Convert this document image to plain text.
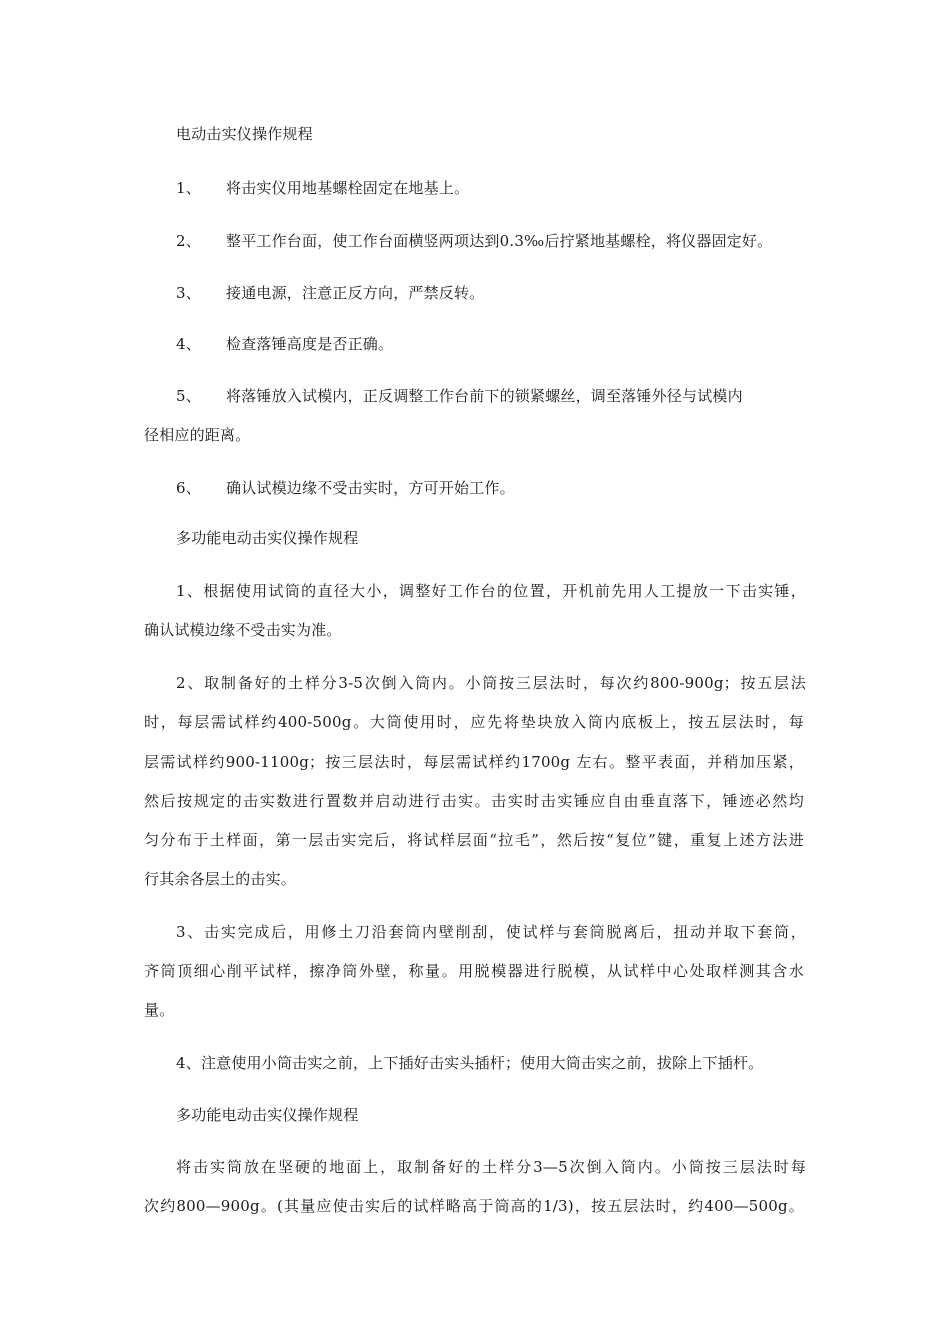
电动击实仪操作规程
1、 将击实仪用地基螺栓固定在地基上。
2、 整平工作台面，使工作台面横竖两项达到0.3‰后拧紧地基螺栓，将仪器固定好。
3、 接通电源，注意正反方向，严禁反转。
4、 检查落锤高度是否正确。
5、 将落锤放入试模内，正反调整工作台前下的锁紧螺丝，调至落锤外径与试模内
径相应的距离。
6、 确认试模边缘不受击实时，方可开始工作。
多功能电动击实仪操作规程
1、根据使用试筒的直径大小，调整好工作台的位置，开机前先用人工提放一下击实锤，
确认试模边缘不受击实为准。
2、取制备好的土样分3-5次倒入筒内。小筒按三层法时，每次约800-900g；按五层法
时，每层需试样约400-500g。大筒使用时，应先将垫块放入筒内底板上，按五层法时，每
层需试样约900-1100g；按三层法时，每层需试样约1700g 左右。整平表面，并稍加压紧，
然后按规定的击实数进行置数并启动进行击实。击实时击实锤应自由垂直落下，锤迹必然均
匀分布于土样面，第一层击实完后，将试样层面“拉毛”，然后按“复位”键，重复上述方法进
行其余各层土的击实。
3、击实完成后，用修土刀沿套筒内壁削刮，使试样与套筒脱离后，扭动并取下套筒，
齐筒顶细心削平试样，擦净筒外壁，称量。用脱模器进行脱模，从试样中心处取样测其含水
量。
4、注意使用小筒击实之前，上下插好击实头插杆；使用大筒击实之前，拔除上下插杆。
多功能电动击实仪操作规程
将击实筒放在坚硬的地面上，取制备好的土样分3—5次倒入筒内。小筒按三层法时每
次约800—900g。(其量应使击实后的试样略高于筒高的1/3)，按五层法时，约400—500g。
